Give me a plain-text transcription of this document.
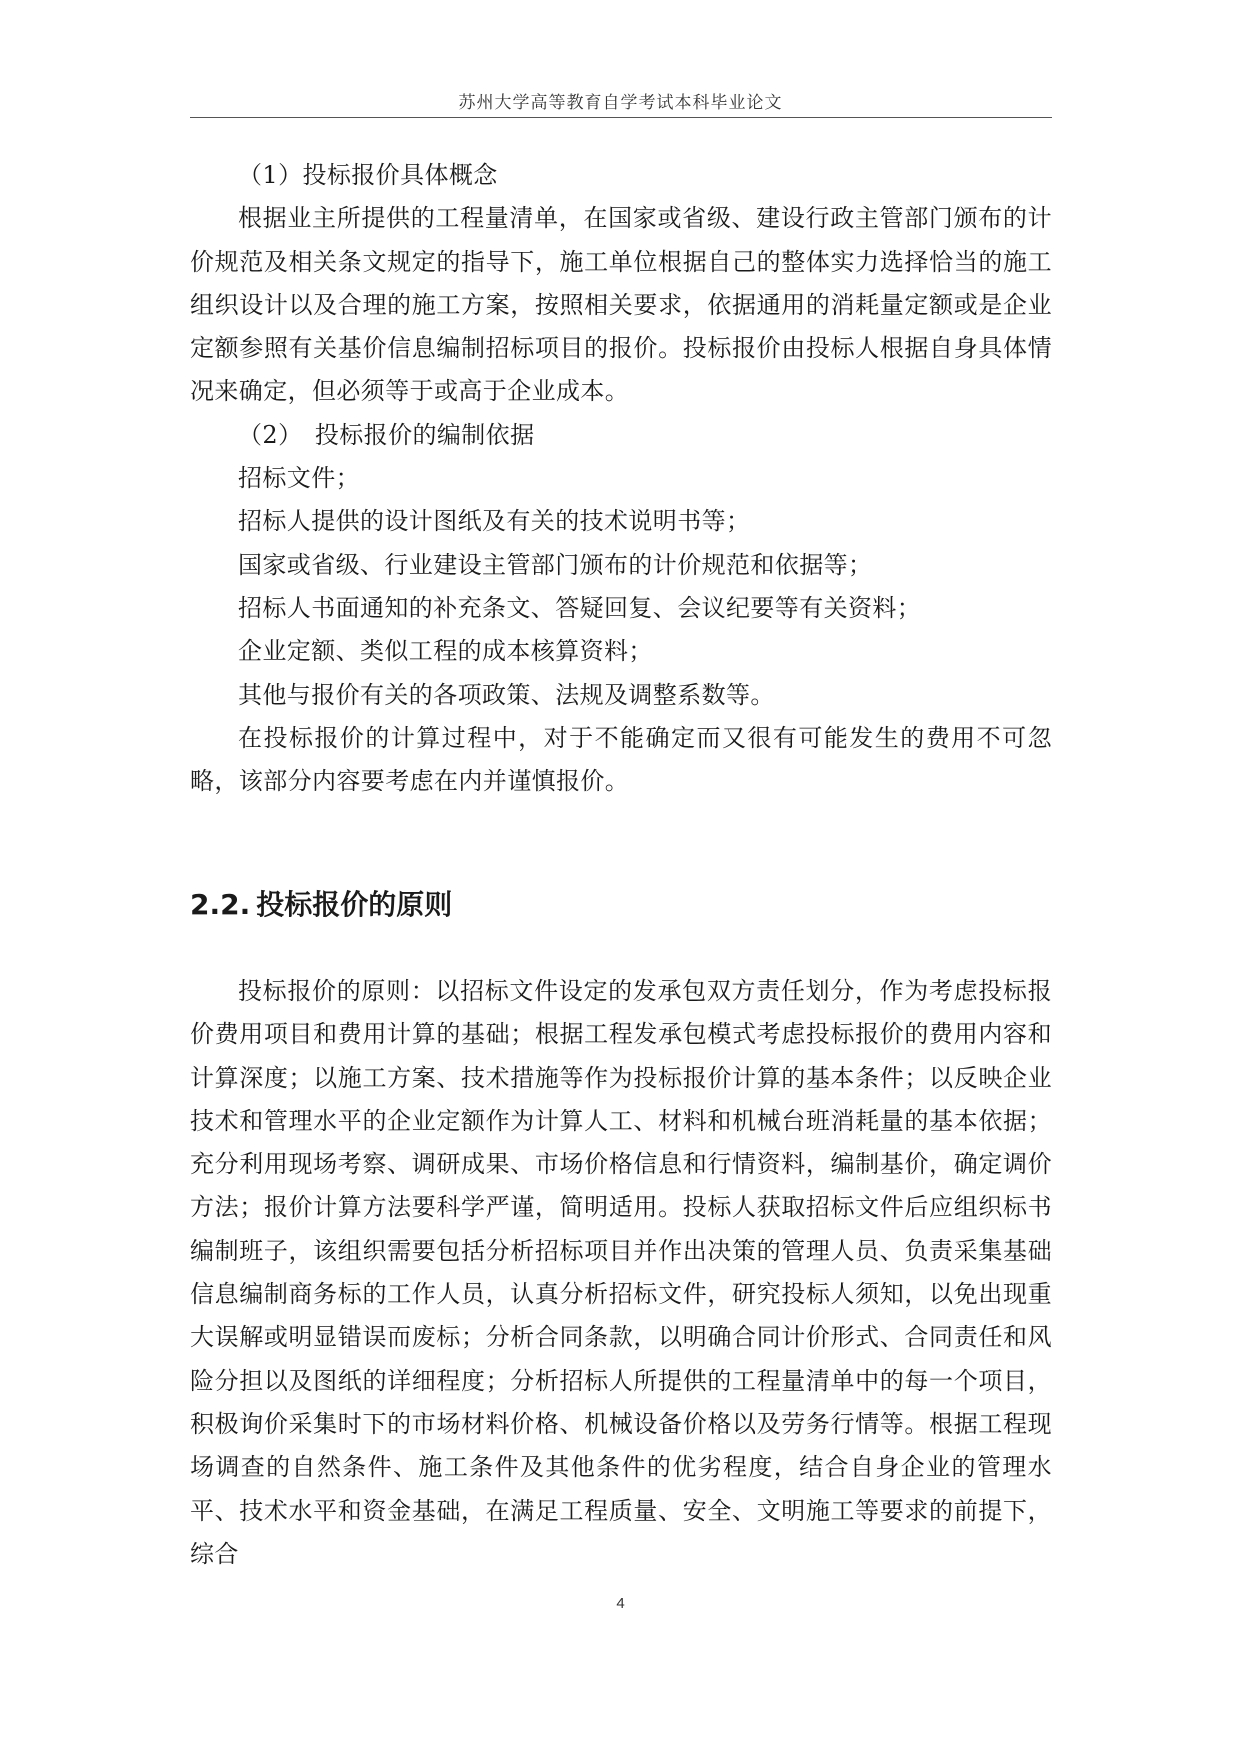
苏州大学高等教育自学考试本科毕业论文

（1）投标报价具体概念

根据业主所提供的工程量清单，在国家或省级、建设行政主管部门颁布的计价规范及相关条文规定的指导下，施工单位根据自己的整体实力选择恰当的施工组织设计以及合理的施工方案，按照相关要求，依据通用的消耗量定额或是企业定额参照有关基价信息编制招标项目的报价。投标报价由投标人根据自身具体情况来确定，但必须等于或高于企业成本。

（2）　投标报价的编制依据

招标文件；

招标人提供的设计图纸及有关的技术说明书等；

国家或省级、行业建设主管部门颁布的计价规范和依据等；

招标人书面通知的补充条文、答疑回复、会议纪要等有关资料；

企业定额、类似工程的成本核算资料；

其他与报价有关的各项政策、法规及调整系数等。

在投标报价的计算过程中，对于不能确定而又很有可能发生的费用不可忽略，该部分内容要考虑在内并谨慎报价。

2.2. 投标报价的原则

投标报价的原则：以招标文件设定的发承包双方责任划分，作为考虑投标报价费用项目和费用计算的基础；根据工程发承包模式考虑投标报价的费用内容和计算深度；以施工方案、技术措施等作为投标报价计算的基本条件；以反映企业技术和管理水平的企业定额作为计算人工、材料和机械台班消耗量的基本依据；充分利用现场考察、调研成果、市场价格信息和行情资料，编制基价，确定调价方法；报价计算方法要科学严谨，简明适用。投标人获取招标文件后应组织标书编制班子，该组织需要包括分析招标项目并作出决策的管理人员、负责采集基础信息编制商务标的工作人员，认真分析招标文件，研究投标人须知，以免出现重大误解或明显错误而废标；分析合同条款，以明确合同计价形式、合同责任和风险分担以及图纸的详细程度；分析招标人所提供的工程量清单中的每一个项目，积极询价采集时下的市场材料价格、机械设备价格以及劳务行情等。根据工程现场调查的自然条件、施工条件及其他条件的优劣程度，结合自身企业的管理水平、技术水平和资金基础，在满足工程质量、安全、文明施工等要求的前提下，综合

4
